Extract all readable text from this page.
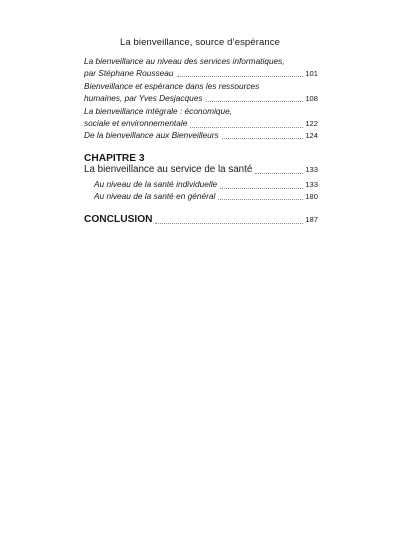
La bienveillance, source d’espérance
La bienveillance au niveau des services informatiques,
par Stéphane Rousseau	101
Bienveillance et espérance dans les ressources
humaines, par Yves Desjacques	108
La bienveillance intégrale : économique,
sociale et environnementale	122
De la bienveillance aux Bienveilleurs	124
CHAPITRE 3
La bienveillance au service de la santé	133
Au niveau de la santé individuelle	133
Au niveau de la santé en général	180
CONCLUSION	187
